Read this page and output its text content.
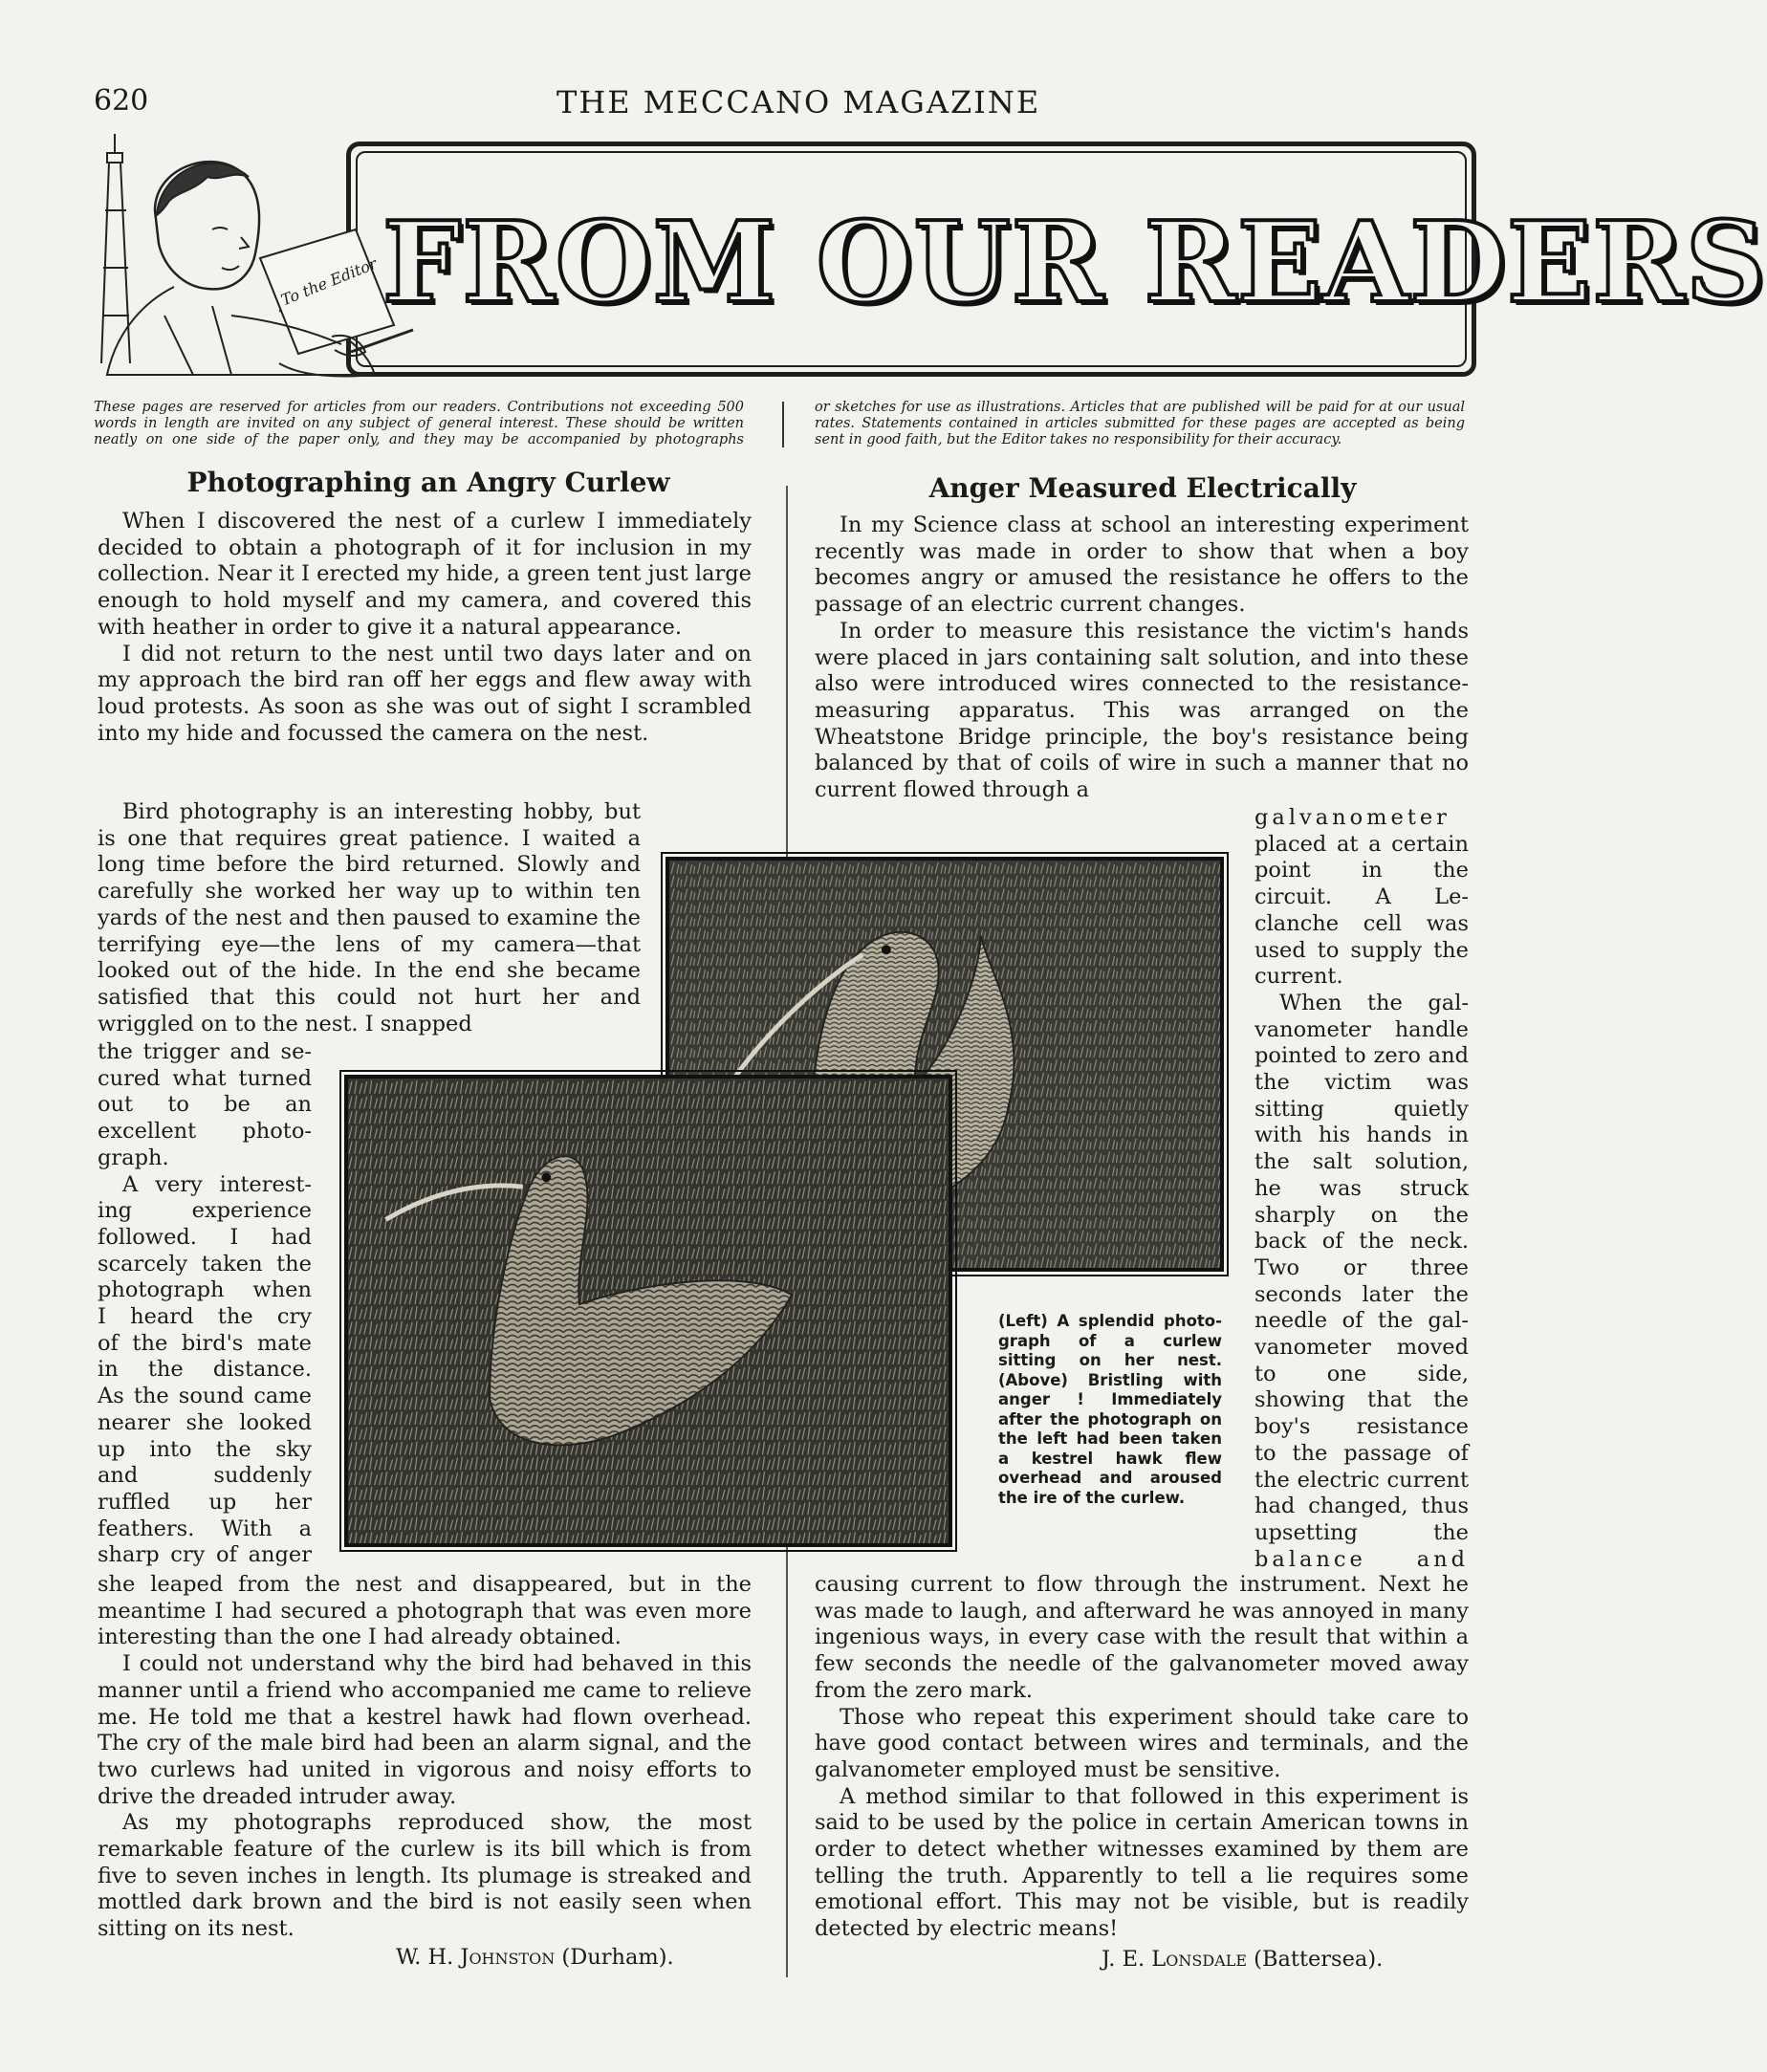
620	THE MECCANO MAGAZINE
FROM OUR READERS
To the Editor
These pages are reserved for articles from our readers. Contributions not exceeding 500 words in length are invited on any subject of general interest. These should be written neatly on one side of the paper only, and they may be accompanied by photographs
or sketches for use as illustrations. Articles that are published will be paid for at our usual rates. Statements contained in articles submitted for these pages are accepted as being sent in good faith, but the Editor takes no responsibility for their accuracy.
Photographing an Angry Curlew

When I discovered the nest of a curlew I immediately decided to obtain a photograph of it for inclusion in my collection. Near it I erected my hide, a green tent just large enough to hold myself and my camera, and covered this with heather in order to give it a natural appearance.

I did not return to the nest until two days later and on my approach the bird ran off her eggs and flew away with loud protests. As soon as she was out of sight I scrambled into my hide and focussed the camera on the nest.

Bird photography is an interesting hobby, but is one that requires great patience. I waited a long time before the bird returned. Slowly and carefully she worked her way up to within ten yards of the nest and then paused to examine the terrifying eye—the lens of my camera—that looked out of the hide. In the end she became satisfied that this could not hurt her and wriggled on to the nest. I snapped

the trigger and se-
cured what turned
out to be an
excellent photo-
graph.
A very interest-
ing experience
followed. I had
scarcely taken the
photograph when
I heard the cry
of the bird's mate
in the distance.
As the sound came
nearer she looked
up into the sky
and suddenly
ruffled up her
feathers. With a
sharp cry of anger

she leaped from the nest and disappeared, but in the meantime I had secured a photograph that was even more interesting than the one I had already obtained.

I could not understand why the bird had behaved in this manner until a friend who accompanied me came to relieve me. He told me that a kestrel hawk had flown overhead. The cry of the male bird had been an alarm signal, and the two curlews had united in vigorous and noisy efforts to drive the dreaded intruder away.

As my photographs reproduced show, the most remarkable feature of the curlew is its bill which is from five to seven inches in length. Its plumage is streaked and mottled dark brown and the bird is not easily seen when sitting on its nest.

W. H. Johnston (Durham).
Anger Measured Electrically

In my Science class at school an interesting experiment recently was made in order to show that when a boy becomes angry or amused the resistance he offers to the passage of an electric current changes.

In order to measure this resistance the victim's hands were placed in jars containing salt solution, and into these also were introduced wires connected to the resistance-measuring apparatus. This was arranged on the Wheatstone Bridge principle, the boy's resistance being balanced by that of coils of wire in such a manner that no current flowed through a

galvanometer
placed at a certain
point in the
circuit. A Le-
clanche cell was
used to supply the
current.
When the gal-
vanometer handle
pointed to zero and
the victim was
sitting quietly
with his hands in
the salt solution,
he was struck
sharply on the
back of the neck.
Two or three
seconds later the
needle of the gal-
vanometer moved
to one side,
showing that the
boy's resistance
to the passage of
the electric current
had changed, thus
upsetting the
balance and

causing current to flow through the instrument. Next he was made to laugh, and afterward he was annoyed in many ingenious ways, in every case with the result that within a few seconds the needle of the galvanometer moved away from the zero mark.

Those who repeat this experiment should take care to have good contact between wires and terminals, and the galvanometer employed must be sensitive.

A method similar to that followed in this experiment is said to be used by the police in certain American towns in order to detect whether witnesses examined by them are telling the truth. Apparently to tell a lie requires some emotional effort. This may not be visible, but is readily detected by electric means!

J. E. Lonsdale (Battersea).
(Left) A splendid photo-
graph of a curlew
sitting on her nest.
(Above) Bristling with
anger ! Immediately
after the photograph on
the left had been taken
a kestrel hawk flew
overhead and aroused
the ire of the curlew.
